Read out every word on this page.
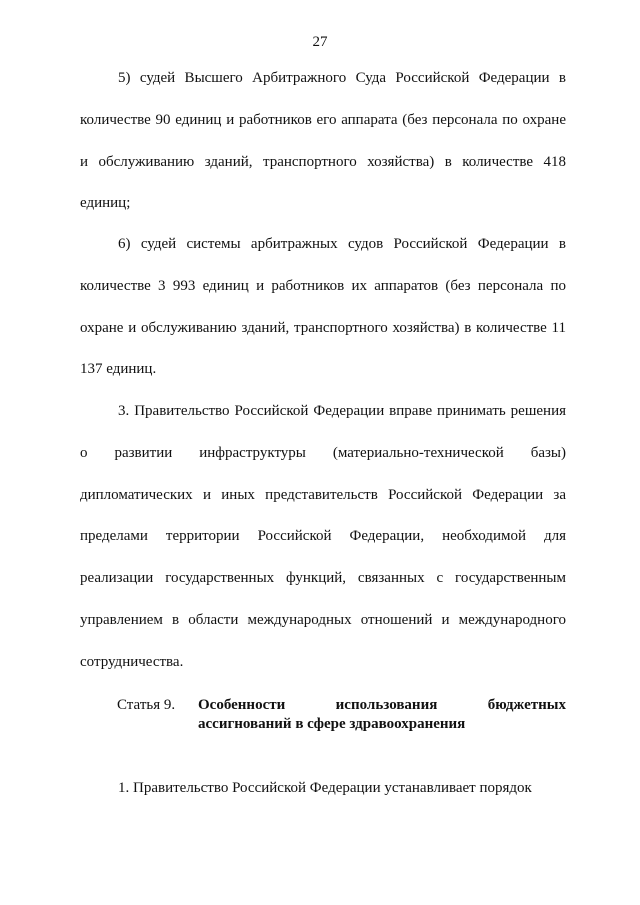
27

5) судей Высшего Арбитражного Суда Российской Федерации в количестве 90 единиц и работников его аппарата (без персонала по охране и обслуживанию зданий, транспортного хозяйства) в количестве 418 единиц;

6) судей системы арбитражных судов Российской Федерации в количестве 3 993 единиц и работников их аппаратов (без персонала по охране и обслуживанию зданий, транспортного хозяйства) в количестве 11 137 единиц.

3. Правительство Российской Федерации вправе принимать решения о развитии инфраструктуры (материально-технической базы) дипломатических и иных представительств Российской Федерации за пределами территории Российской Федерации, необходимой для реализации государственных функций, связанных с государственным управлением в области международных отношений и международного сотрудничества.

Статья 9.	Особенности использования бюджетных
ассигнований в сфере здравоохранения

1. Правительство Российской Федерации устанавливает порядок
